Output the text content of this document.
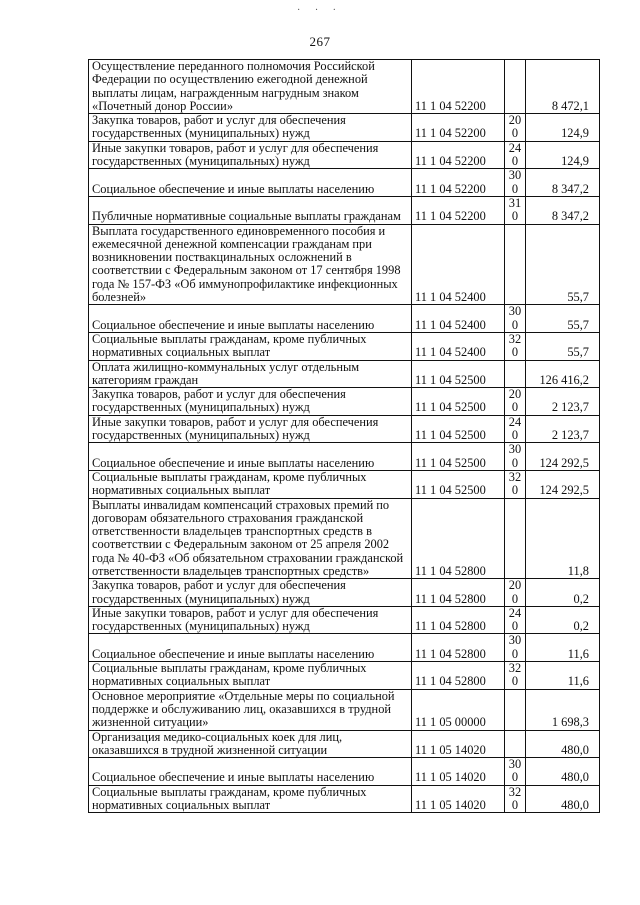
· · ·
267
Осуществление переданного полномочия Российской Федерации по осуществлению ежегодной денежной выплаты лицам, награжденным нагрудным знаком «Почетный донор России»	11 1 04 52200		8 472,1
Закупка товаров, работ и услуг для обеспечения государственных (муниципальных) нужд	11 1 04 52200	200	124,9
Иные закупки товаров, работ и услуг для обеспечения государственных (муниципальных) нужд	11 1 04 52200	240	124,9
Социальное обеспечение и иные выплаты населению	11 1 04 52200	300	8 347,2
Публичные нормативные социальные выплаты гражданам	11 1 04 52200	310	8 347,2
Выплата государственного единовременного пособия и ежемесячной денежной компенсации гражданам при возникновении поствакцинальных осложнений в соответствии с Федеральным законом от 17 сентября 1998 года № 157-ФЗ «Об иммунопрофилактике инфекционных болезней»	11 1 04 52400		55,7
Социальное обеспечение и иные выплаты населению	11 1 04 52400	300	55,7
Социальные выплаты гражданам, кроме публичных нормативных социальных выплат	11 1 04 52400	320	55,7
Оплата жилищно-коммунальных услуг отдельным категориям граждан	11 1 04 52500		126 416,2
Закупка товаров, работ и услуг для обеспечения государственных (муниципальных) нужд	11 1 04 52500	200	2 123,7
Иные закупки товаров, работ и услуг для обеспечения государственных (муниципальных) нужд	11 1 04 52500	240	2 123,7
Социальное обеспечение и иные выплаты населению	11 1 04 52500	300	124 292,5
Социальные выплаты гражданам, кроме публичных нормативных социальных выплат	11 1 04 52500	320	124 292,5
Выплаты инвалидам компенсаций страховых премий по договорам обязательного страхования гражданской ответственности владельцев транспортных средств в соответствии с Федеральным законом от 25 апреля 2002 года № 40-ФЗ «Об обязательном страховании гражданской ответственности владельцев транспортных средств»	11 1 04 52800		11,8
Закупка товаров, работ и услуг для обеспечения государственных (муниципальных) нужд	11 1 04 52800	200	0,2
Иные закупки товаров, работ и услуг для обеспечения государственных (муниципальных) нужд	11 1 04 52800	240	0,2
Социальное обеспечение и иные выплаты населению	11 1 04 52800	300	11,6
Социальные выплаты гражданам, кроме публичных нормативных социальных выплат	11 1 04 52800	320	11,6
Основное мероприятие «Отдельные меры по социальной поддержке и обслуживанию лиц, оказавшихся в трудной жизненной ситуации»	11 1 05 00000		1 698,3
Организация медико-социальных коек для лиц, оказавшихся в трудной жизненной ситуации	11 1 05 14020		480,0
Социальное обеспечение и иные выплаты населению	11 1 05 14020	300	480,0
Социальные выплаты гражданам, кроме публичных нормативных социальных выплат	11 1 05 14020	320	480,0
